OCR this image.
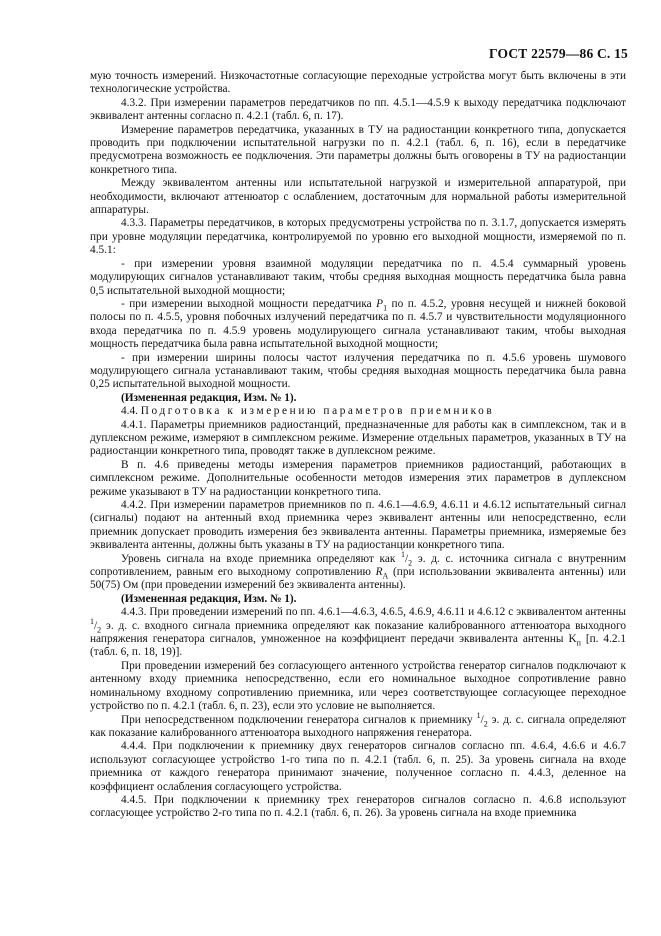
ГОСТ 22579—86 С. 15

мую точность измерений. Низкочастотные согласующие переходные устройства могут быть включены в эти технологические устройства.

4.3.2. При измерении параметров передатчиков по пп. 4.5.1—4.5.9 к выходу передатчика подключают эквивалент антенны согласно п. 4.2.1 (табл. 6, п. 17).

Измерение параметров передатчика, указанных в ТУ на радиостанции конкретного типа, допускается проводить при подключении испытательной нагрузки по п. 4.2.1 (табл. 6, п. 16), если в передатчике предусмотрена возможность ее подключения. Эти параметры должны быть оговорены в ТУ на радиостанции конкретного типа.

Между эквивалентом антенны или испытательной нагрузкой и измерительной аппаратурой, при необходимости, включают аттенюатор с ослаблением, достаточным для нормальной работы измерительной аппаратуры.

4.3.3. Параметры передатчиков, в которых предусмотрены устройства по п. 3.1.7, допускается измерять при уровне модуляции передатчика, контролируемой по уровню его выходной мощности, измеряемой по п. 4.5.1:

- при измерении уровня взаимной модуляции передатчика по п. 4.5.4 суммарный уровень модулирующих сигналов устанавливают таким, чтобы средняя выходная мощность передатчика была равна 0,5 испытательной выходной мощности;

- при измерении выходной мощности передатчика $P_1$ по п. 4.5.2, уровня несущей и нижней боковой полосы по п. 4.5.5, уровня побочных излучений передатчика по п. 4.5.7 и чувствительности модуляционного входа передатчика по п. 4.5.9 уровень модулирующего сигнала устанавливают таким, чтобы выходная мощность передатчика была равна испытательной выходной мощности;

- при измерении ширины полосы частот излучения передатчика по п. 4.5.6 уровень шумового модулирующего сигнала устанавливают таким, чтобы средняя выходная мощность передатчика была равна 0,25 испытательной выходной мощности.

(Измененная редакция, Изм. № 1).

4.4. Подготовка к измерению параметров приемников

4.4.1. Параметры приемников радиостанций, предназначенные для работы как в симплексном, так и в дуплексном режиме, измеряют в симплексном режиме. Измерение отдельных параметров, указанных в ТУ на радиостанции конкретного типа, проводят также в дуплексном режиме.

В п. 4.6 приведены методы измерения параметров приемников радиостанций, работающих в симплексном режиме. Дополнительные особенности методов измерения этих параметров в дуплексном режиме указывают в ТУ на радиостанции конкретного типа.

4.4.2. При измерении параметров приемников по п. 4.6.1—4.6.9, 4.6.11 и 4.6.12 испытательный сигнал (сигналы) подают на антенный вход приемника через эквивалент антенны или непосредственно, если приемник допускает проводить измерения без эквивалента антенны. Параметры приемника, измеряемые без эквивалента антенны, должны быть указаны в ТУ на радиостанции конкретного типа.

Уровень сигнала на входе приемника определяют как $^1/_2$ э. д. с. источника сигнала с внутренним сопротивлением, равным его выходному сопротивлению $R_A$ (при использовании эквивалента антенны) или 50(75) Ом (при проведении измерений без эквивалента антенны).

(Измененная редакция, Изм. № 1).

4.4.3. При проведении измерений по пп. 4.6.1—4.6.3, 4.6.5, 4.6.9, 4.6.11 и 4.6.12 с эквивалентом антенны $^1/_2$ э. д. с. входного сигнала приемника определяют как показание калиброванного аттенюатора выходного напряжения генератора сигналов, умноженное на коэффициент передачи эквивалента антенны $K_п$ [п. 4.2.1 (табл. 6, п. 18, 19)].

При проведении измерений без согласующего антенного устройства генератор сигналов подключают к антенному входу приемника непосредственно, если его номинальное выходное сопротивление равно номинальному входному сопротивлению приемника, или через соответствующее согласующее переходное устройство по п. 4.2.1 (табл. 6, п. 23), если это условие не выполняется.

При непосредственном подключении генератора сигналов к приемнику $^1/_2$ э. д. с. сигнала определяют как показание калиброванного аттенюатора выходного напряжения генератора.

4.4.4. При подключении к приемнику двух генераторов сигналов согласно пп. 4.6.4, 4.6.6 и 4.6.7 используют согласующее устройство 1-го типа по п. 4.2.1 (табл. 6, п. 25). За уровень сигнала на входе приемника от каждого генератора принимают значение, полученное согласно п. 4.4.3, деленное на коэффициент ослабления согласующего устройства.

4.4.5. При подключении к приемнику трех генераторов сигналов согласно п. 4.6.8 используют согласующее устройство 2-го типа по п. 4.2.1 (табл. 6, п. 26). За уровень сигнала на входе приемника
